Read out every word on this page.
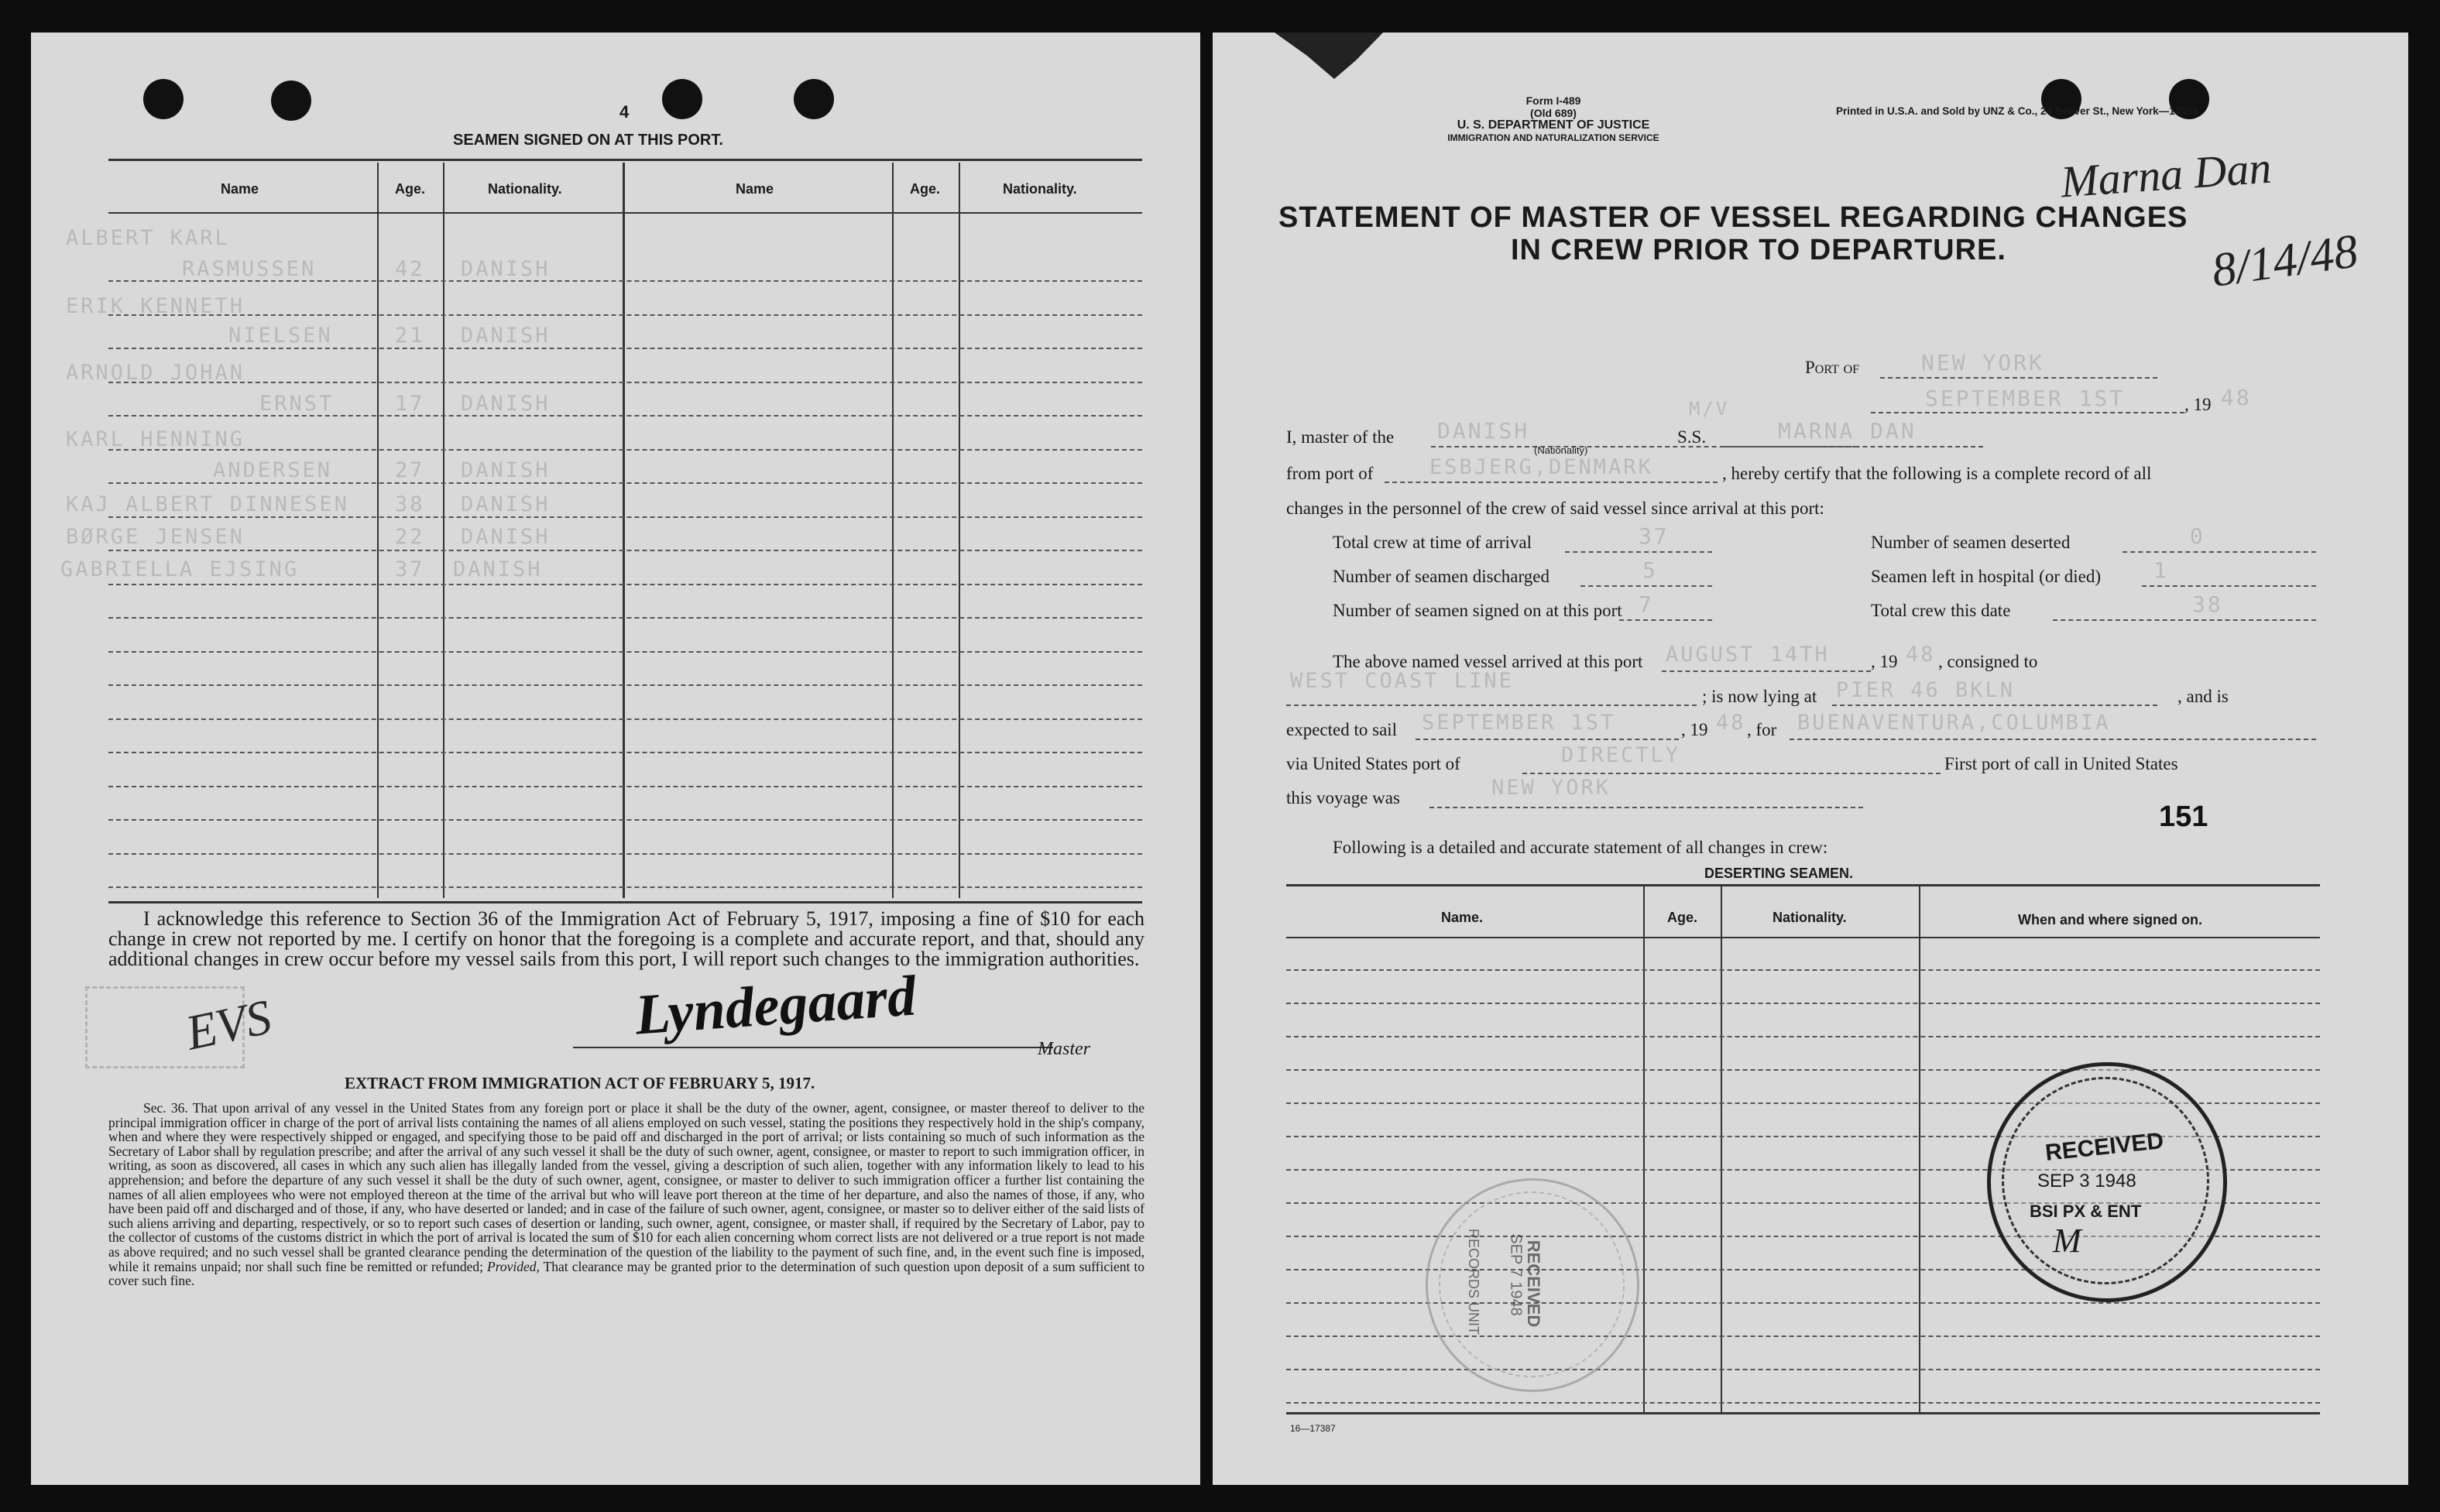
4
SEAMEN SIGNED ON AT THIS PORT.
Name	Age.	Nationality.	Name	Age.	Nationality.
ALBERT KARL
RASMUSSEN	42 DANISH
ERIK KENNETH
NIELSEN	21 DANISH
ARNOLD JOHAN
ERNST	17 DANISH
KARL HENNING
ANDERSEN	27 DANISH
KAJ ALBERT DINNESEN 38 DANISH
BØRGE JENSEN	22 DANISH
GABRIELLA EJSING	37 DANISH
I acknowledge this reference to Section 36 of the Immigration Act of February 5, 1917, imposing a fine of $10 for each change in crew not reported by me. I certify on honor that the foregoing is a complete and accurate report, and that, should any additional changes in crew occur before my vessel sails from this port, I will report such changes to the immigration authorities.
EVS	Lyndegaard
Master
EXTRACT FROM IMMIGRATION ACT OF FEBRUARY 5, 1917.
Sec. 36. That upon arrival of any vessel in the United States from any foreign port or place it shall be the duty of the owner, agent, consignee, or master thereof to deliver to the principal immigration officer in charge of the port of arrival lists containing the names of all aliens employed on such vessel, stating the positions they respectively hold in the ship's company, when and where they were respectively shipped or engaged, and specifying those to be paid off and discharged in the port of arrival; or lists containing so much of such information as the Secretary of Labor shall by regulation prescribe; and after the arrival of any such vessel it shall be the duty of such owner, agent, consignee, or master to report to such immigration officer, in writing, as soon as discovered, all cases in which any such alien has illegally landed from the vessel, giving a description of such alien, together with any information likely to lead to his apprehension; and before the departure of any such vessel it shall be the duty of such owner, agent, consignee, or master to deliver to such immigration officer a further list containing the names of all alien employees who were not employed thereon at the time of the arrival but who will leave port thereon at the time of her departure, and also the names of those, if any, who have been paid off and discharged and of those, if any, who have deserted or landed; and in case of the failure of such owner, agent, consignee, or master so to deliver either of the said lists of such aliens arriving and departing, respectively, or so to report such cases of desertion or landing, such owner, agent, consignee, or master shall, if required by the Secretary of Labor, pay to the collector of customs of the customs district in which the port of arrival is located the sum of $10 for each alien concerning whom correct lists are not delivered or a true report is not made as above required; and no such vessel shall be granted clearance pending the determination of the question of the liability to the payment of such fine, and, in the event such fine is imposed, while it remains unpaid; nor shall such fine be remitted or refunded; Provided, That clearance may be granted prior to the determination of such question upon deposit of a sum sufficient to cover such fine.
Form I-489
(Old 689)
U. S. DEPARTMENT OF JUSTICE
IMMIGRATION AND NATURALIZATION SERVICE
Printed in U.S.A. and Sold by UNZ & Co., 24 Beaver St., New York—14551
Marna Dan
8/14/48
STATEMENT OF MASTER OF VESSEL REGARDING CHANGES
IN CREW PRIOR TO DEPARTURE.
Port of	NEW YORK
SEPTEMBER 1ST	, 19 48
I, master of the DANISH
(Nationality)
M/V
S.S.	MARNA DAN
from port of	ESBJERG,DENMARK	, hereby certify that the following is a complete record of all
changes in the personnel of the crew of said vessel since arrival at this port:
Total crew at time of arrival	37	Number of seamen deserted	0
Number of seamen discharged	5	Seamen left in hospital (or died) 1
Number of seamen signed on at this port 7	Total crew this date	38
The above named vessel arrived at this port AUGUST 14TH , 19 48 , consigned to
WEST COAST LINE
; is now lying at PIER 46 BKLN	, and is
expected to sail SEPTEMBER 1ST	, 19 48 , for BUENAVENTURA,COLUMBIA
via United States port of	DIRECTLY	First port of call in United States
this voyage was	NEW YORK
151
Following is a detailed and accurate statement of all changes in crew:
DESERTING SEAMEN.
Name.	Age.	Nationality.	When and where signed on.
16—17387
RECEIVED
SEP 3 1948
BSI PX & ENT
M
RECEIVED
SEP 7 1948
RECORDS UNIT
